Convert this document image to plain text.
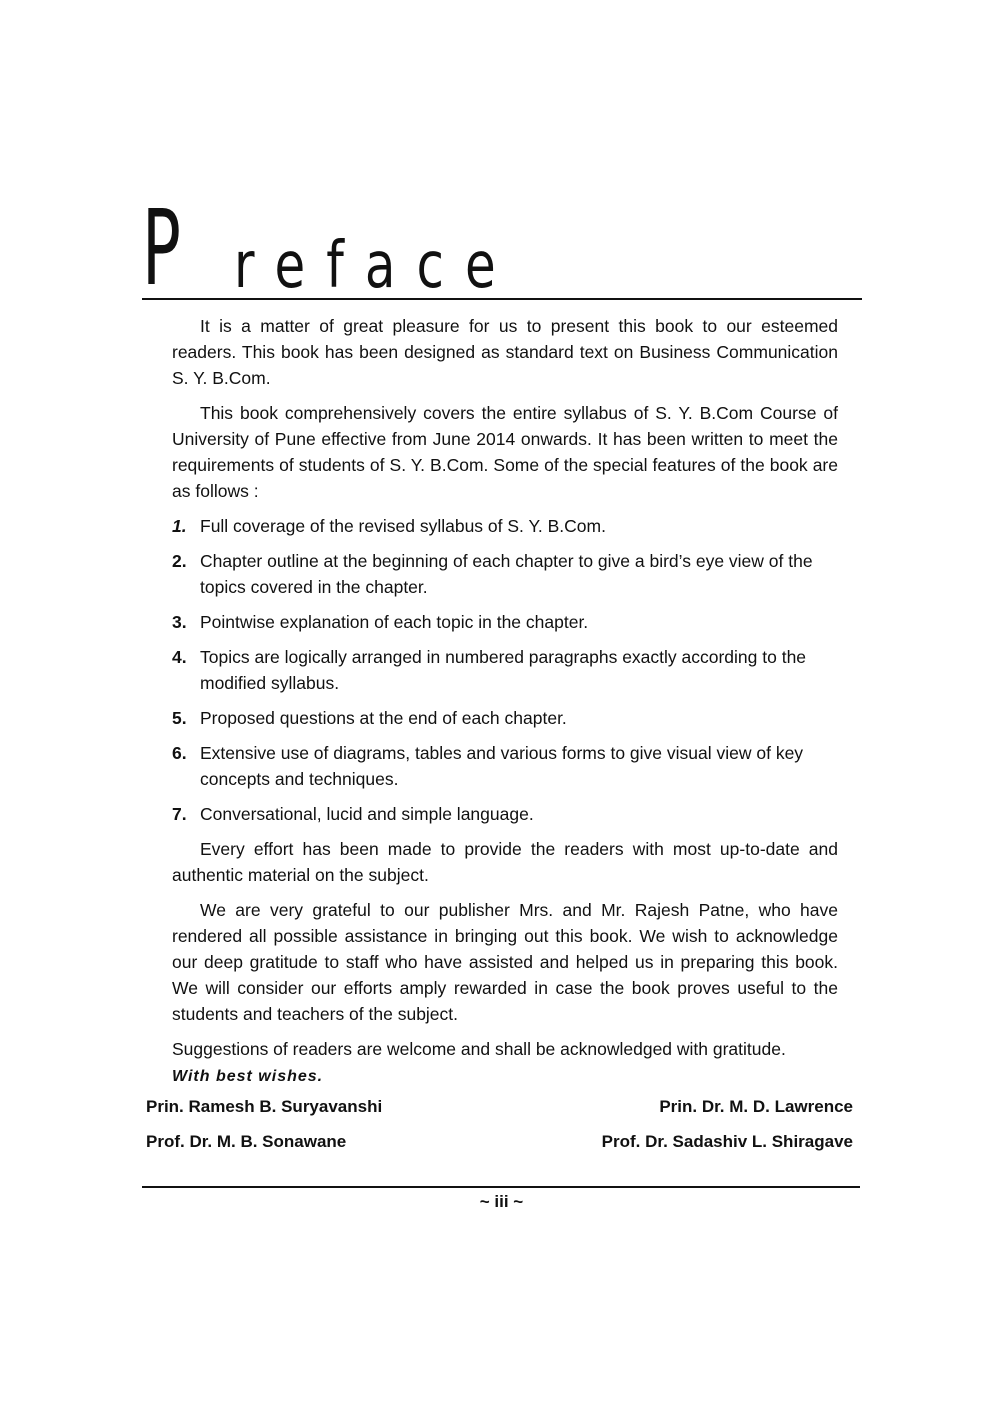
P reface

It is a matter of great pleasure for us to present this book to our esteemed readers. This book has been designed as standard text on Business Communication S. Y. B.Com.

This book comprehensively covers the entire syllabus of S. Y. B.Com Course of University of Pune effective from June 2014 onwards. It has been written to meet the requirements of students of S. Y. B.Com. Some of the special features of the book are as follows :

1. Full coverage of the revised syllabus of S. Y. B.Com.
2. Chapter outline at the beginning of each chapter to give a bird’s eye view of the topics covered in the chapter.
3. Pointwise explanation of each topic in the chapter.
4. Topics are logically arranged in numbered paragraphs exactly according to the modified syllabus.
5. Proposed questions at the end of each chapter.
6. Extensive use of diagrams, tables and various forms to give visual view of key concepts and techniques.
7. Conversational, lucid and simple language.

Every effort has been made to provide the readers with most up-to-date and authentic material on the subject.

We are very grateful to our publisher Mrs. and Mr. Rajesh Patne, who have rendered all possible assistance in bringing out this book. We wish to acknowledge our deep gratitude to staff who have assisted and helped us in preparing this book. We will consider our efforts amply rewarded in case the book proves useful to the students and teachers of the subject.

Suggestions of readers are welcome and shall be acknowledged with gratitude.

With best wishes.
Prin. Ramesh B. Suryavanshi
Prof. Dr. M. B. Sonawane
Prin. Dr. M. D. Lawrence
Prof. Dr. Sadashiv L. Shiragave
~ iii ~
